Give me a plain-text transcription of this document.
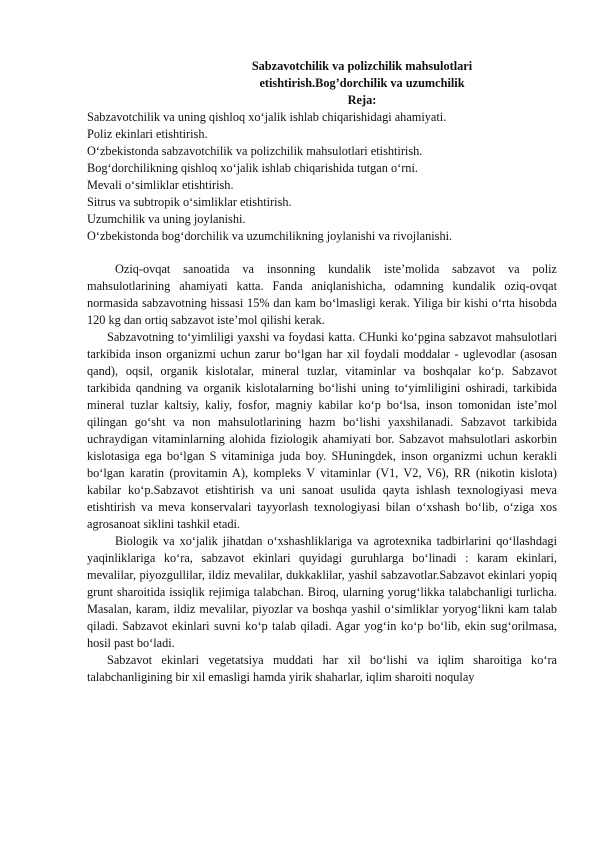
Sabzavotchilik va polizchilik mahsulotlari
etishtirish.Bog’dorchilik va uzumchilik

Reja:

Sabzavotchilik va uning qishloq xo‘jalik ishlab chiqarishidagi ahamiyati.
Poliz ekinlari etishtirish.
O‘zbekistonda sabzavotchilik va polizchilik mahsulotlari etishtirish.
Bog‘dorchilikning qishloq xo‘jalik ishlab chiqarishida tutgan o‘rni.
Mevali o‘simliklar etishtirish.
Sitrus va subtropik o‘simliklar etishtirish.
Uzumchilik va uning joylanishi.
O‘zbekistonda bog‘dorchilik va uzumchilikning joylanishi va rivojlanishi.

Oziq-ovqat sanoatida va insonning kundalik iste’molida sabzavot va poliz mahsulotlarining ahamiyati katta. Fanda aniqlanishicha, odamning kundalik oziq-ovqat normasida sabzavotning hissasi 15% dan kam bo‘lmasligi kerak. Yiliga bir kishi o‘rta hisobda 120 kg dan ortiq sabzavot iste’mol qilishi kerak.

Sabzavotning to‘yimliligi yaxshi va foydasi katta. CHunki ko‘pgina sabzavot mahsulotlari tarkibida inson organizmi uchun zarur bo‘lgan har xil foydali moddalar - uglevodlar (asosan qand), oqsil, organik kislotalar, mineral tuzlar, vitaminlar va boshqalar ko‘p. Sabzavot tarkibida qandning va organik kislotalarning bo‘lishi uning to‘yimliligini oshiradi, tarkibida mineral tuzlar kaltsiy, kaliy, fosfor, magniy kabilar ko‘p bo‘lsa, inson tomonidan iste’mol qilingan go‘sht va non mahsulotlarining hazm bo‘lishi yaxshilanadi. Sabzavot tarkibida uchraydigan vitaminlarning alohida fiziologik ahamiyati bor. Sabzavot mahsulotlari askorbin kislotasiga ega bo‘lgan S vitaminiga juda boy. SHuningdek, inson organizmi uchun kerakli bo‘lgan karatin (provitamin A), kompleks V vitaminlar (V1, V2, V6), RR (nikotin kislota) kabilar ko‘p.Sabzavot etishtirish va uni sanoat usulida qayta ishlash texnologiyasi meva etishtirish va meva konservalari tayyorlash texnologiyasi bilan o‘xshash bo‘lib, o‘ziga xos agrosanoat siklini tashkil etadi.

Biologik va xo‘jalik jihatdan o‘xshashliklariga va agrotexnika tadbirlarini qo‘llashdagi yaqinliklariga ko‘ra, sabzavot ekinlari quyidagi guruhlarga bo‘linadi : karam ekinlari, mevalilar, piyozgullilar, ildiz mevalilar, dukkaklilar, yashil sabzavotlar.Sabzavot ekinlari yopiq grunt sharoitida issiqlik rejimiga talabchan. Biroq, ularning yorug‘likka talabchanligi turlicha. Masalan, karam, ildiz mevalilar, piyozlar va boshqa yashil o‘simliklar yoryog‘likni kam talab qiladi. Sabzavot ekinlari suvni ko‘p talab qiladi. Agar yog‘in ko‘p bo‘lib, ekin sug‘orilmasa, hosil past bo‘ladi.

Sabzavot ekinlari vegetatsiya muddati har xil bo‘lishi va iqlim sharoitiga ko‘ra talabchanligining bir xil emasligi hamda yirik shaharlar, iqlim sharoiti noqulay
